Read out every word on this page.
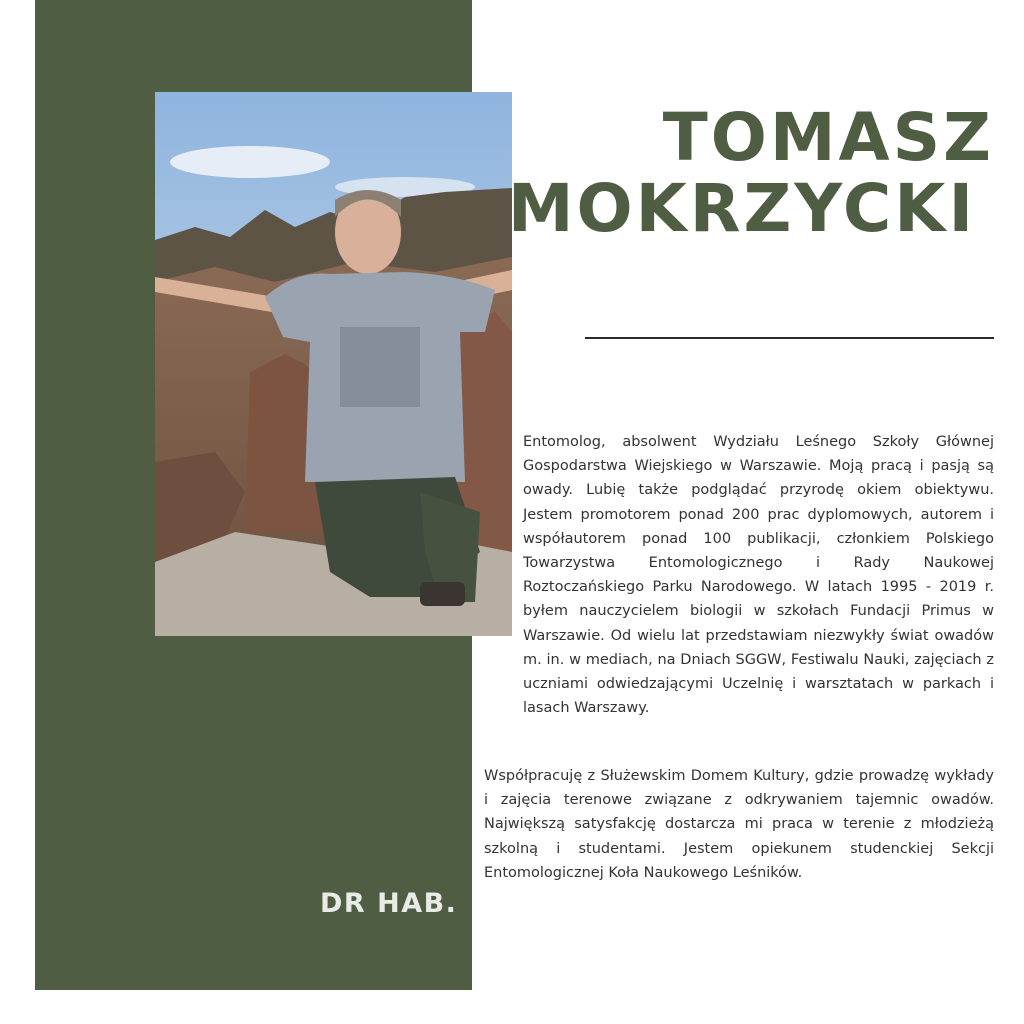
TOMASZ
MOKRZYCKI

Entomolog, absolwent Wydziału Leśnego Szkoły Głównej Gospodarstwa Wiejskiego w Warszawie. Moją pracą i pasją są owady. Lubię także podglądać przyrodę okiem obiektywu. Jestem promotorem ponad 200 prac dyplomowych, autorem i współautorem ponad 100 publikacji, członkiem Polskiego Towarzystwa Entomologicznego i Rady Naukowej Roztoczańskiego Parku Narodowego. W latach 1995 - 2019 r. byłem nauczycielem biologii w szkołach Fundacji Primus w Warszawie. Od wielu lat przedstawiam niezwykły świat owadów m. in. w mediach, na Dniach SGGW, Festiwalu Nauki, zajęciach z uczniami odwiedzającymi Uczelnię i warsztatach w parkach i lasach Warszawy.

Współpracuję z Służewskim Domem Kultury, gdzie prowadzę wykłady i zajęcia terenowe związane z odkrywaniem tajemnic owadów. Największą satysfakcję dostarcza mi praca w terenie z młodzieżą szkolną i studentami. Jestem opiekunem studenckiej Sekcji Entomologicznej Koła Naukowego Leśników.

DR HAB.
